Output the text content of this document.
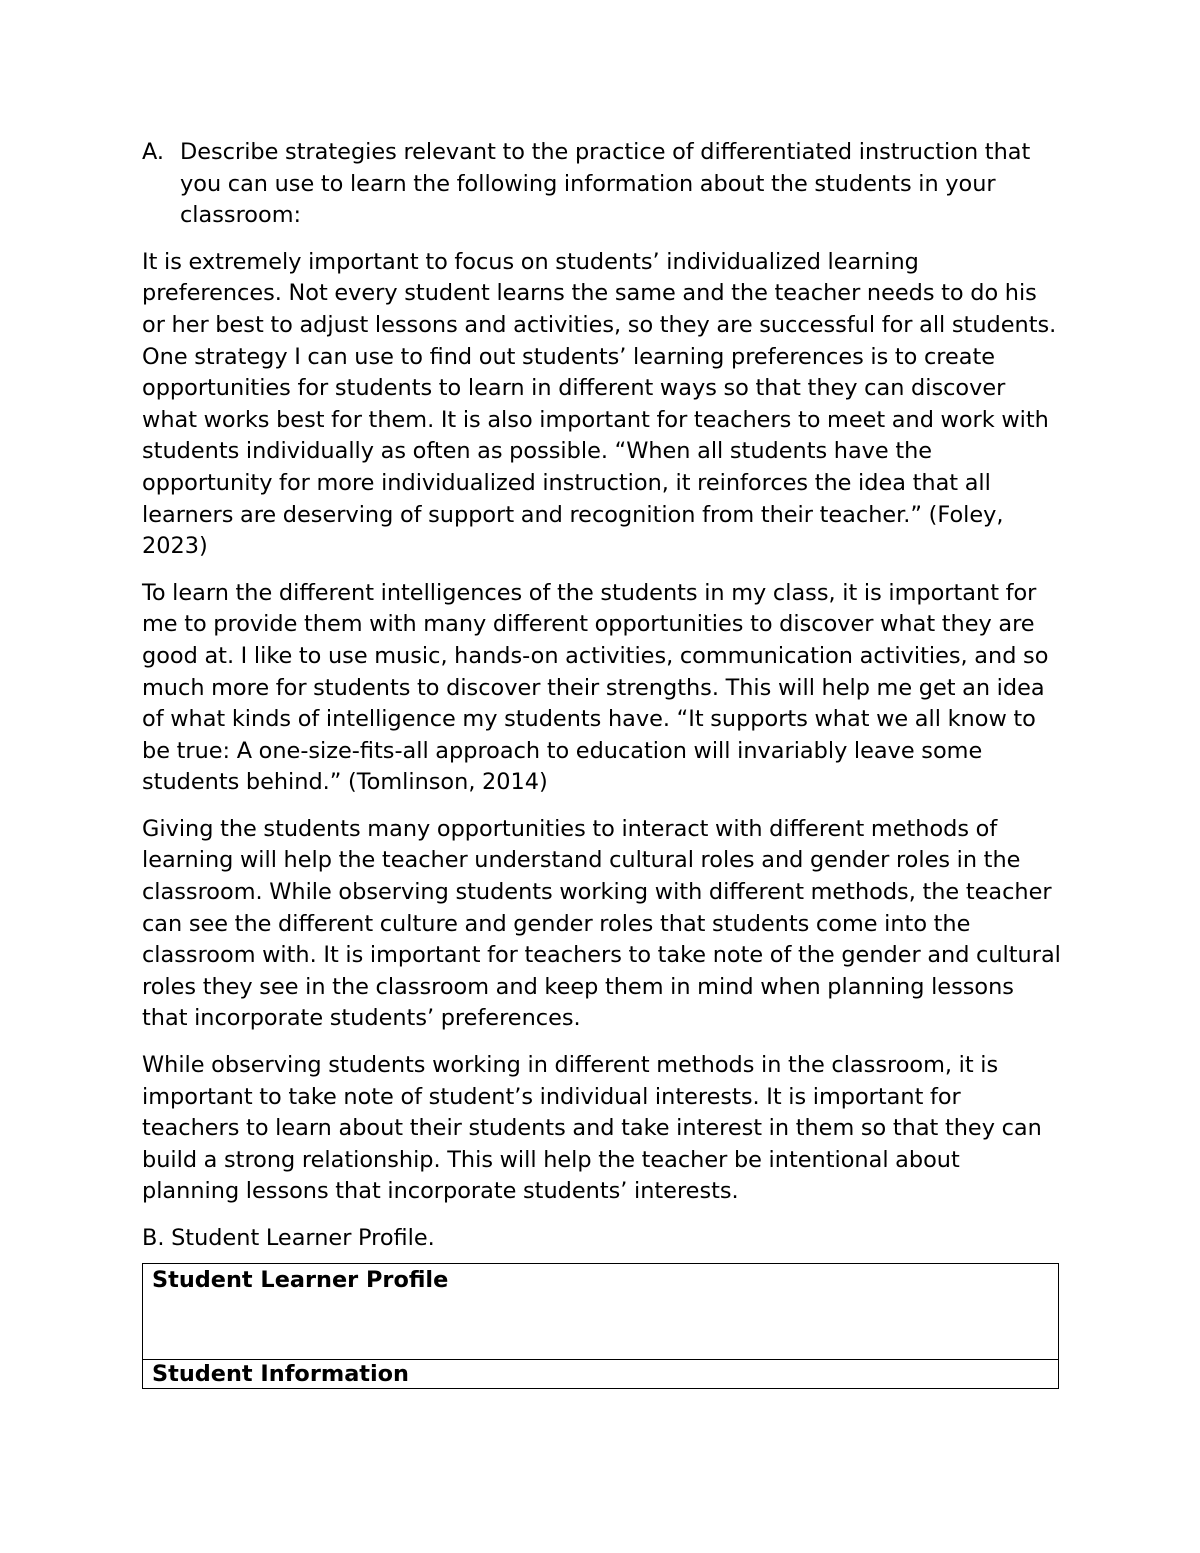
A. Describe strategies relevant to the practice of differentiated instruction that you can use to learn the following information about the students in your classroom:

It is extremely important to focus on students’ individualized learning preferences. Not every student learns the same and the teacher needs to do his or her best to adjust lessons and activities, so they are successful for all students. One strategy I can use to find out students’ learning preferences is to create opportunities for students to learn in different ways so that they can discover what works best for them. It is also important for teachers to meet and work with students individually as often as possible. “When all students have the opportunity for more individualized instruction, it reinforces the idea that all learners are deserving of support and recognition from their teacher.” (Foley, 2023)

To learn the different intelligences of the students in my class, it is important for me to provide them with many different opportunities to discover what they are good at. I like to use music, hands-on activities, communication activities, and so much more for students to discover their strengths. This will help me get an idea of what kinds of intelligence my students have. “It supports what we all know to be true: A one-size-fits-all approach to education will invariably leave some students behind.” (Tomlinson, 2014)

Giving the students many opportunities to interact with different methods of learning will help the teacher understand cultural roles and gender roles in the classroom. While observing students working with different methods, the teacher can see the different culture and gender roles that students come into the classroom with. It is important for teachers to take note of the gender and cultural roles they see in the classroom and keep them in mind when planning lessons that incorporate students’ preferences.

While observing students working in different methods in the classroom, it is important to take note of student’s individual interests. It is important for teachers to learn about their students and take interest in them so that they can build a strong relationship. This will help the teacher be intentional about planning lessons that incorporate students’ interests.

B. Student Learner Profile.

Student Learner Profile
Student Information
